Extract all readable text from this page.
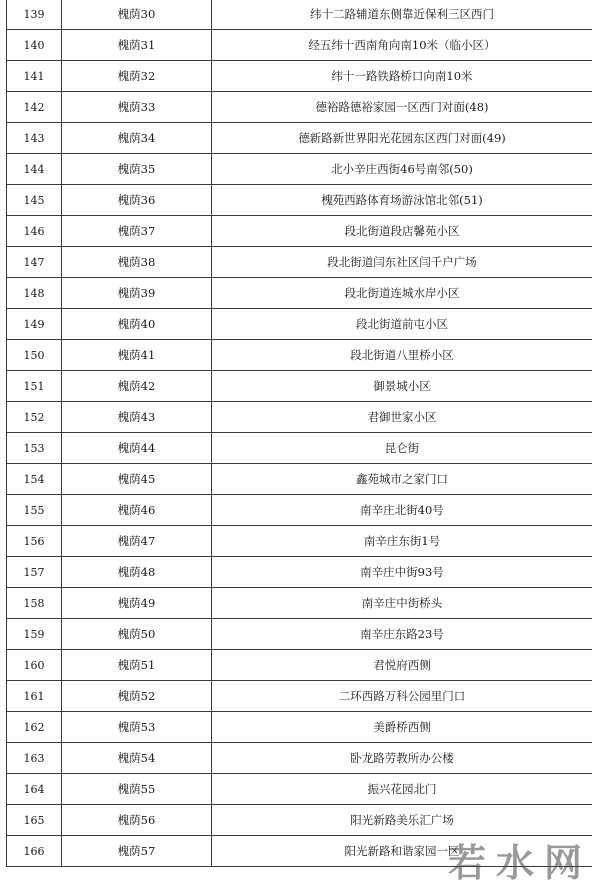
139	槐荫30	纬十二路辅道东侧靠近保利三区西门
140	槐荫31	经五纬十西南角向南10米（临小区）
141	槐荫32	纬十一路铁路桥口向南10米
142	槐荫33	德裕路德裕家园一区西门对面(48)
143	槐荫34	德新路新世界阳光花园东区西门对面(49)
144	槐荫35	北小辛庄西街46号南邻(50)
145	槐荫36	槐苑西路体育场游泳馆北邻(51)
146	槐荫37	段北街道段店馨苑小区
147	槐荫38	段北街道闫东社区闫千户广场
148	槐荫39	段北街道连城水岸小区
149	槐荫40	段北街道前屯小区
150	槐荫41	段北街道八里桥小区
151	槐荫42	御景城小区
152	槐荫43	君御世家小区
153	槐荫44	昆仑街
154	槐荫45	鑫苑城市之家门口
155	槐荫46	南辛庄北街40号
156	槐荫47	南辛庄东街1号
157	槐荫48	南辛庄中街93号
158	槐荫49	南辛庄中街桥头
159	槐荫50	南辛庄东路23号
160	槐荫51	君悦府西侧
161	槐荫52	二环西路万科公园里门口
162	槐荫53	美爵桥西侧
163	槐荫54	卧龙路劳教所办公楼
164	槐荫55	振兴花园北门
165	槐荫56	阳光新路美乐汇广场
166	槐荫57	阳光新路和谐家园一区
若水网
